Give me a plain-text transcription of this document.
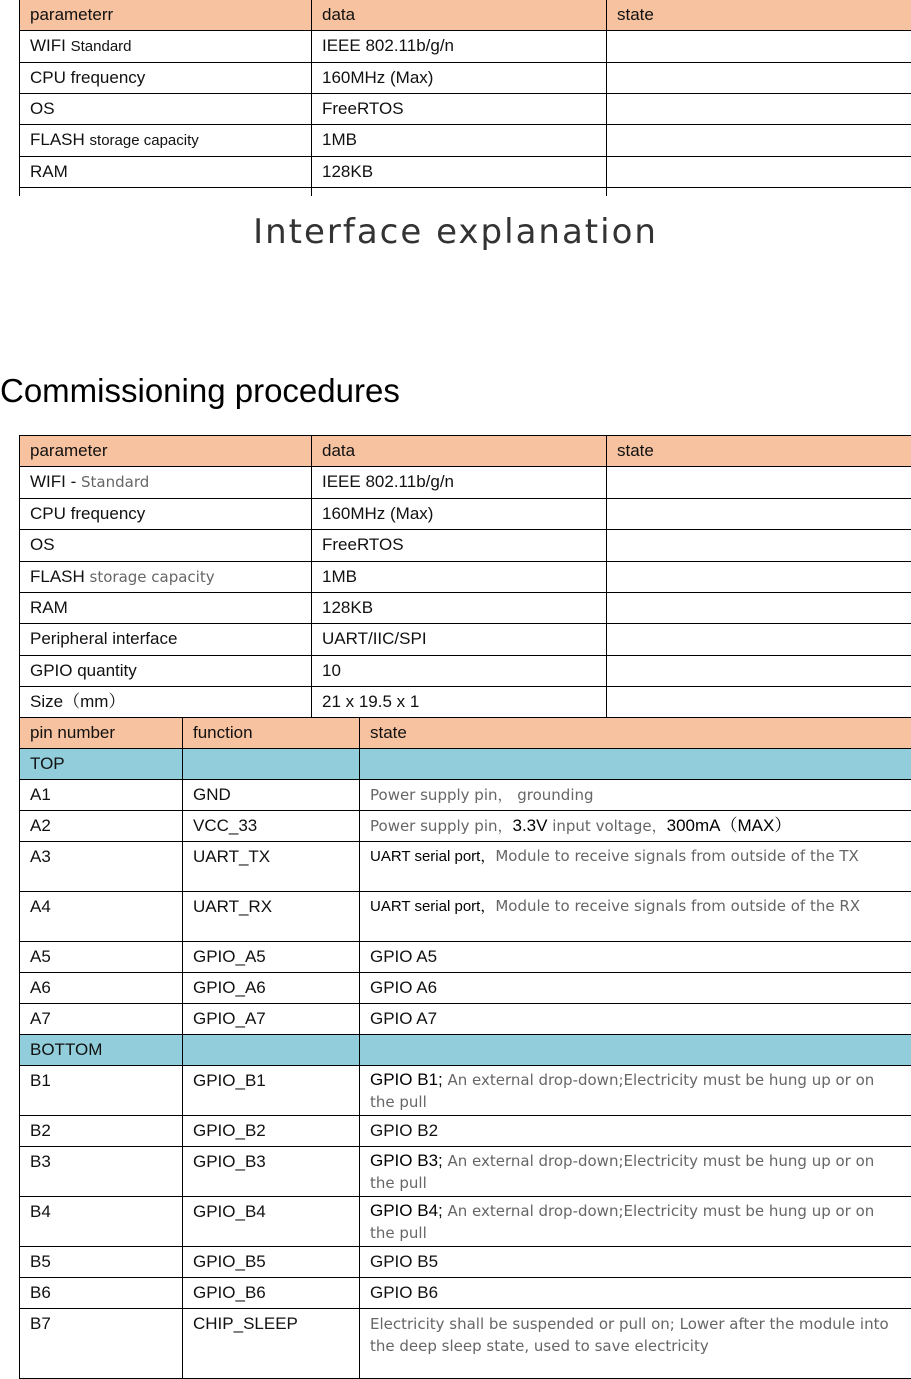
parameterr	data	state
WIFI Standard	IEEE 802.11b/g/n	
CPU frequency	160MHz (Max)	
OS	FreeRTOS	
FLASH storage capacity	1MB	
RAM	128KB	

Interface explanation
Commissioning procedures
parameter	data	state
WIFI - Standard	IEEE 802.11b/g/n	
CPU frequency	160MHz (Max)	
OS	FreeRTOS	
FLASH storage capacity	1MB	
RAM	128KB	
Peripheral interface	UART/IIC/SPI	
GPIO quantity	10	
Size（mm）	21 x 19.5 x 1	
pin number	function	state
TOP		
A1	GND	Power supply pin， grounding
A2	VCC_33	Power supply pin，3.3V input voltage，300mA（MAX）
A3	UART_TX	UART serial port，Module to receive signals from outside of the TX
A4	UART_RX	UART serial port，Module to receive signals from outside of the RX
A5	GPIO_A5	GPIO A5
A6	GPIO_A6	GPIO A6
A7	GPIO_A7	GPIO A7
BOTTOM		
B1	GPIO_B1	GPIO B1; An external drop-down;Electricity must be hung up or on the pull
B2	GPIO_B2	GPIO B2
B3	GPIO_B3	GPIO B3; An external drop-down;Electricity must be hung up or on the pull
B4	GPIO_B4	GPIO B4; An external drop-down;Electricity must be hung up or on the pull
B5	GPIO_B5	GPIO B5
B6	GPIO_B6	GPIO B6
B7	CHIP_SLEEP	Electricity shall be suspended or pull on; Lower after the module into the deep sleep state, used to save electricity
